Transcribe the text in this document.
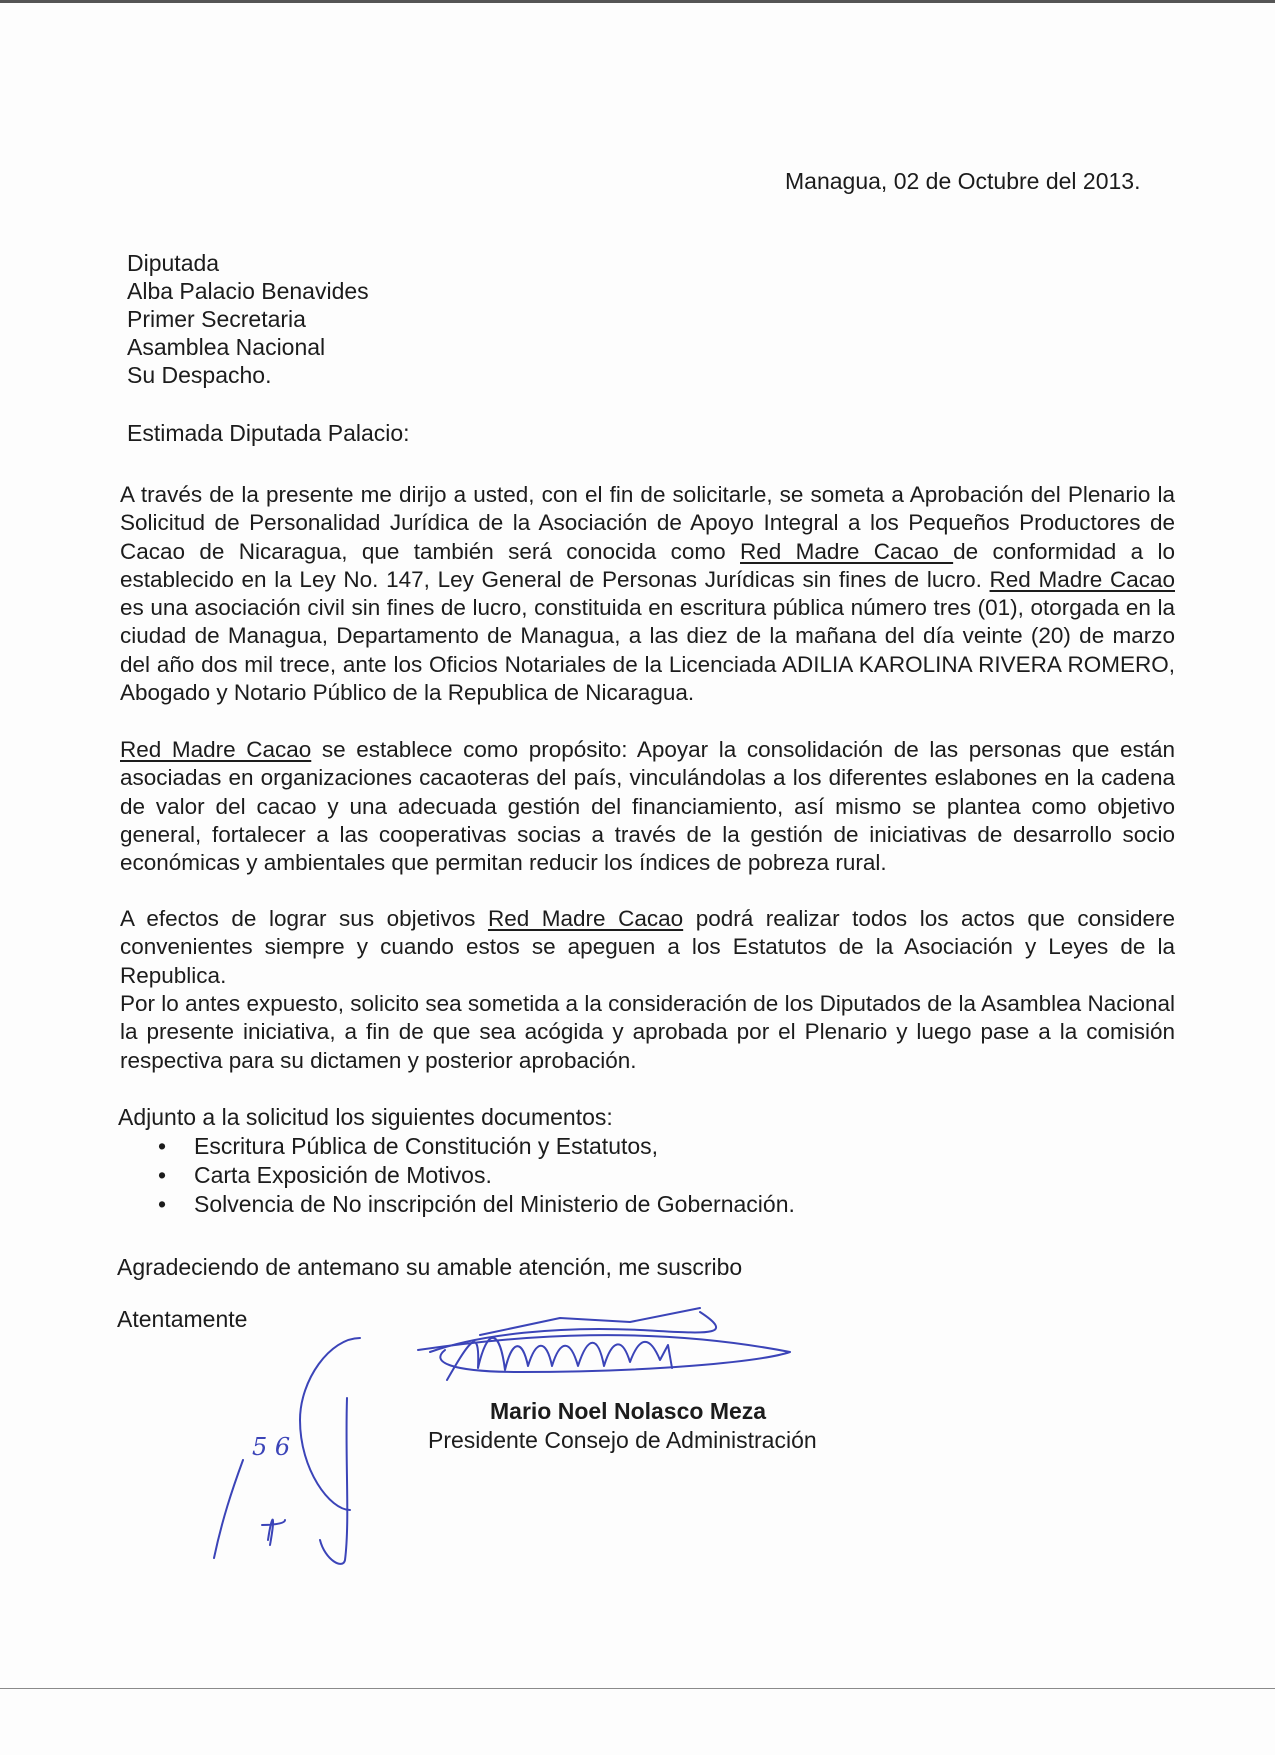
Managua, 02 de Octubre del 2013.
Diputada
Alba Palacio Benavides
Primer Secretaria
Asamblea Nacional
Su Despacho.
Estimada Diputada Palacio:
A través de la presente me dirijo a usted, con el fin de solicitarle, se someta a Aprobación del Plenario la Solicitud de Personalidad Jurídica de la Asociación de Apoyo Integral a los Pequeños Productores de Cacao de Nicaragua, que también será conocida como Red Madre Cacao de conformidad a lo establecido en la Ley No. 147, Ley General de Personas Jurídicas sin fines de lucro. Red Madre Cacao es una asociación civil sin fines de lucro, constituida en escritura pública número tres (01), otorgada en la ciudad de Managua, Departamento de Managua, a las diez de la mañana del día veinte (20) de marzo del año dos mil trece, ante los Oficios Notariales de la Licenciada ADILIA KAROLINA RIVERA ROMERO, Abogado y Notario Público de la Republica de Nicaragua.
Red Madre Cacao se establece como propósito: Apoyar la consolidación de las personas que están asociadas en organizaciones cacaoteras del país, vinculándolas a los diferentes eslabones en la cadena de valor del cacao y una adecuada gestión del financiamiento, así mismo se plantea como objetivo general, fortalecer a las cooperativas socias a través de la gestión de iniciativas de desarrollo socio económicas y ambientales que permitan reducir los índices de pobreza rural.
A efectos de lograr sus objetivos Red Madre Cacao podrá realizar todos los actos que considere convenientes siempre y cuando estos se apeguen a los Estatutos de la Asociación y Leyes de la Republica.
Por lo antes expuesto, solicito sea sometida a la consideración de los Diputados de la Asamblea Nacional la presente iniciativa, a fin de que sea acógida y aprobada por el Plenario y luego pase a la comisión respectiva para su dictamen y posterior aprobación.
Adjunto a la solicitud los siguientes documentos:
• Escritura Pública de Constitución y Estatutos,
• Carta Exposición de Motivos.
• Solvencia de No inscripción del Ministerio de Gobernación.
Agradeciendo de antemano su amable atención, me suscribo
Atentamente
5 6
Mario Noel Nolasco Meza
Presidente Consejo de Administración
